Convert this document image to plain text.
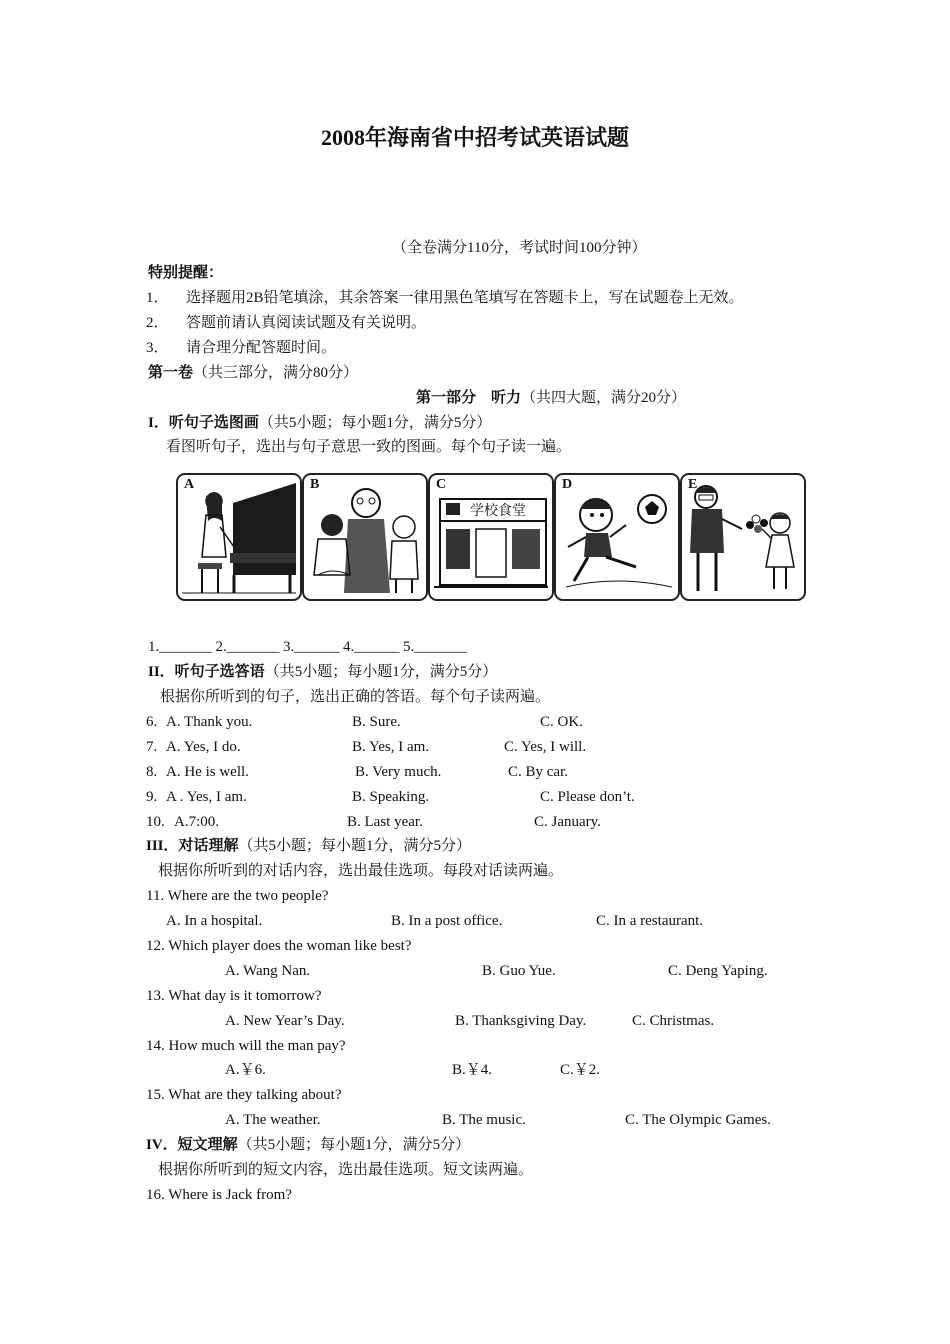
2008年海南省中招考试英语试题
（全卷满分110分，考试时间100分钟）
特别提醒：
1． 选择题用2B铅笔填涂，其余答案一律用黑色笔填写在答题卡上，写在试题卷上无效。
2． 答题前请认真阅读试题及有关说明。
3． 请合理分配答题时间。
第一卷（共三部分，满分80分）
第一部分　听力（共四大题，满分20分）
I．听句子选图画（共5小题；每小题1分，满分5分）
看图听句子，选出与句子意思一致的图画。每个句子读一遍。
A	B	C
学校食堂
D	E
1._______ 2._______ 3.______ 4.______ 5._______
II．听句子选答语（共5小题；每小题1分，满分5分）
根据你所听到的句子，选出正确的答语。每个句子读两遍。
6. A. Thank you.	B. Sure.	C. OK.
7. A. Yes, I do.	B. Yes, I am.	C. Yes, I will.
8. A. He is well.	B. Very much.	C. By car.
9. A . Yes, I am.	B. Speaking.	C. Please don’t.
10. A.7:00.	B. Last year.	C. January.
III．对话理解（共5小题；每小题1分，满分5分）
根据你所听到的对话内容，选出最佳选项。每段对话读两遍。
11. Where are the two people?
A. In a hospital.	B. In a post office.	C. In a restaurant.
12. Which player does the woman like best?
A. Wang Nan.	B. Guo Yue.	C. Deng Yaping.
13. What day is it tomorrow?
A. New Year’s Day.	B. Thanksgiving Day.	C. Christmas.
14. How much will the man pay?
A.￥6.	B.￥4.	C.￥2.
15. What are they talking about?
A. The weather.	B. The music.	C. The Olympic Games.
IV．短文理解（共5小题；每小题1分，满分5分）
根据你所听到的短文内容，选出最佳选项。短文读两遍。
16. Where is Jack from?
